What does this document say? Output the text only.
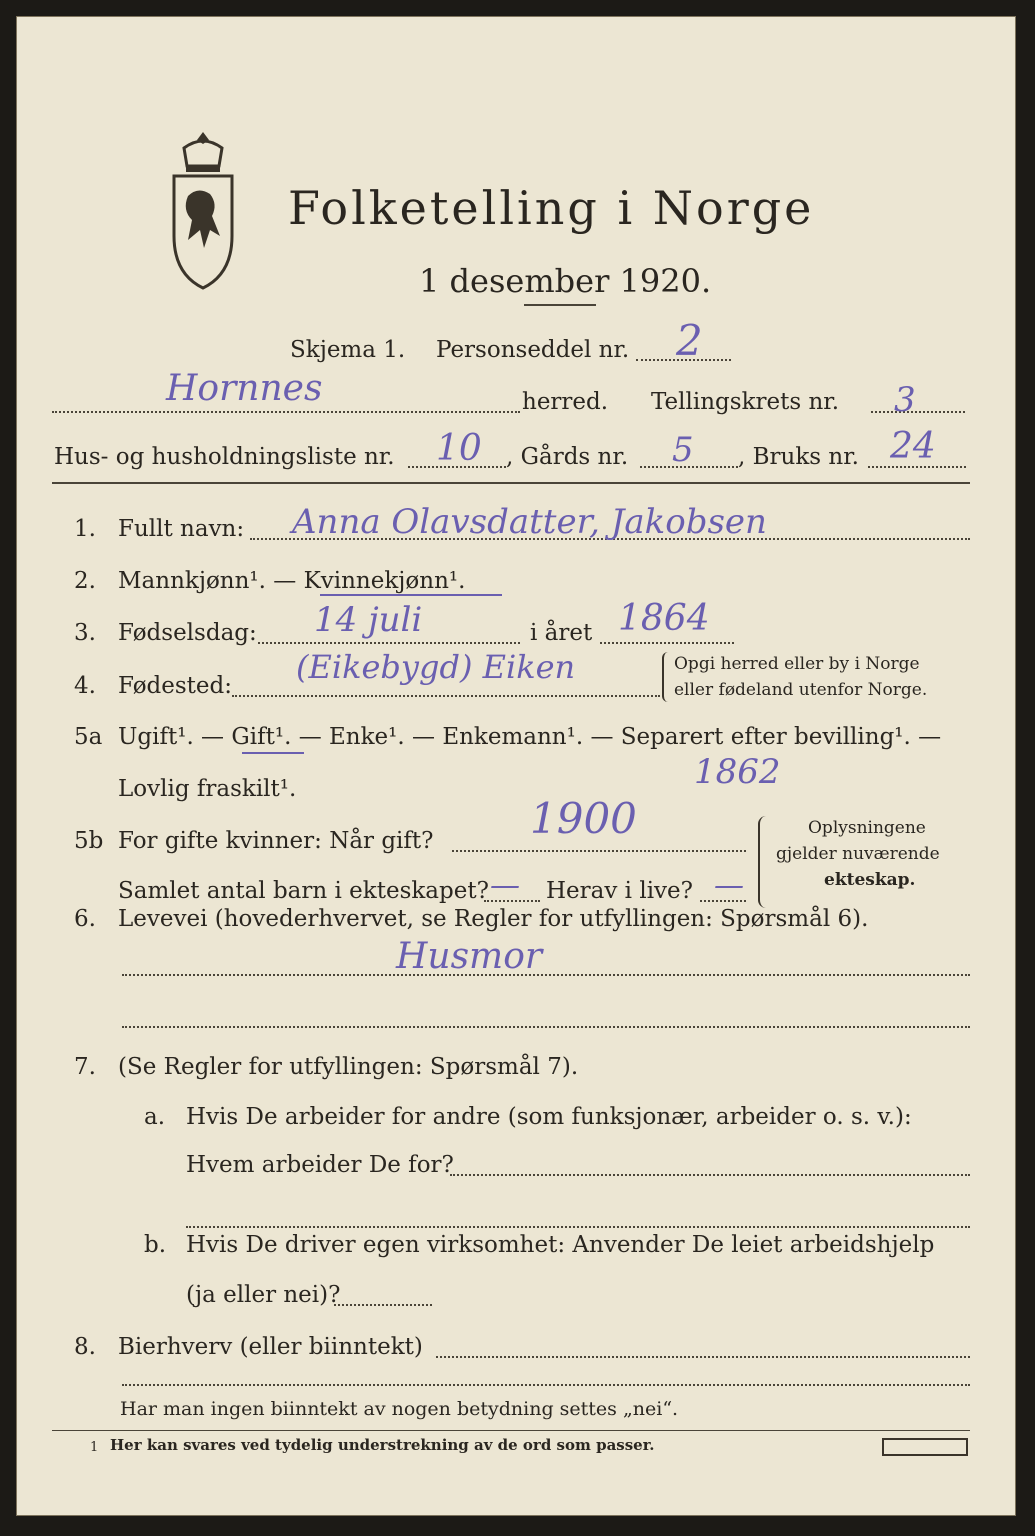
Folketelling i Norge
1 desember 1920.
Skjema 1. Personseddel nr. 2
Hornnes	herred. Tellingskrets nr. 3
Hus- og husholdningsliste nr. 10 , Gårds nr. 5 , Bruks nr. 24
1. Fullt navn: Anna Olavsdatter, Jakobsen
2. Mannkjønn¹. — Kvinnekjønn¹.
3. Fødselsdag: 14 juli	i året 1864
4. Fødested: (Eikebygd) Eiken	Opgi herred eller by i Norge
eller fødeland utenfor Norge.
5a Ugift¹. — Gift¹. — Enke¹. — Enkemann¹. — Separert efter bevilling¹. —
Lovlig fraskilt¹.	1862
5b For gifte kvinner: Når gift? 1900
Samlet antal barn i ekteskapet? — Herav i live? —
Oplysningene
gjelder nuværende
ekteskap.
6. Levevei (hovederhvervet, se Regler for utfyllingen: Spørsmål 6).
Husmor
7. (Se Regler for utfyllingen: Spørsmål 7).
a. Hvis De arbeider for andre (som funksjonær, arbeider o. s. v.):
Hvem arbeider De for?
b. Hvis De driver egen virksomhet: Anvender De leiet arbeidshjelp
(ja eller nei)?
8. Bierhverv (eller biinntekt)
Har man ingen biinntekt av nogen betydning settes „nei“.
1 Her kan svares ved tydelig understrekning av de ord som passer.
